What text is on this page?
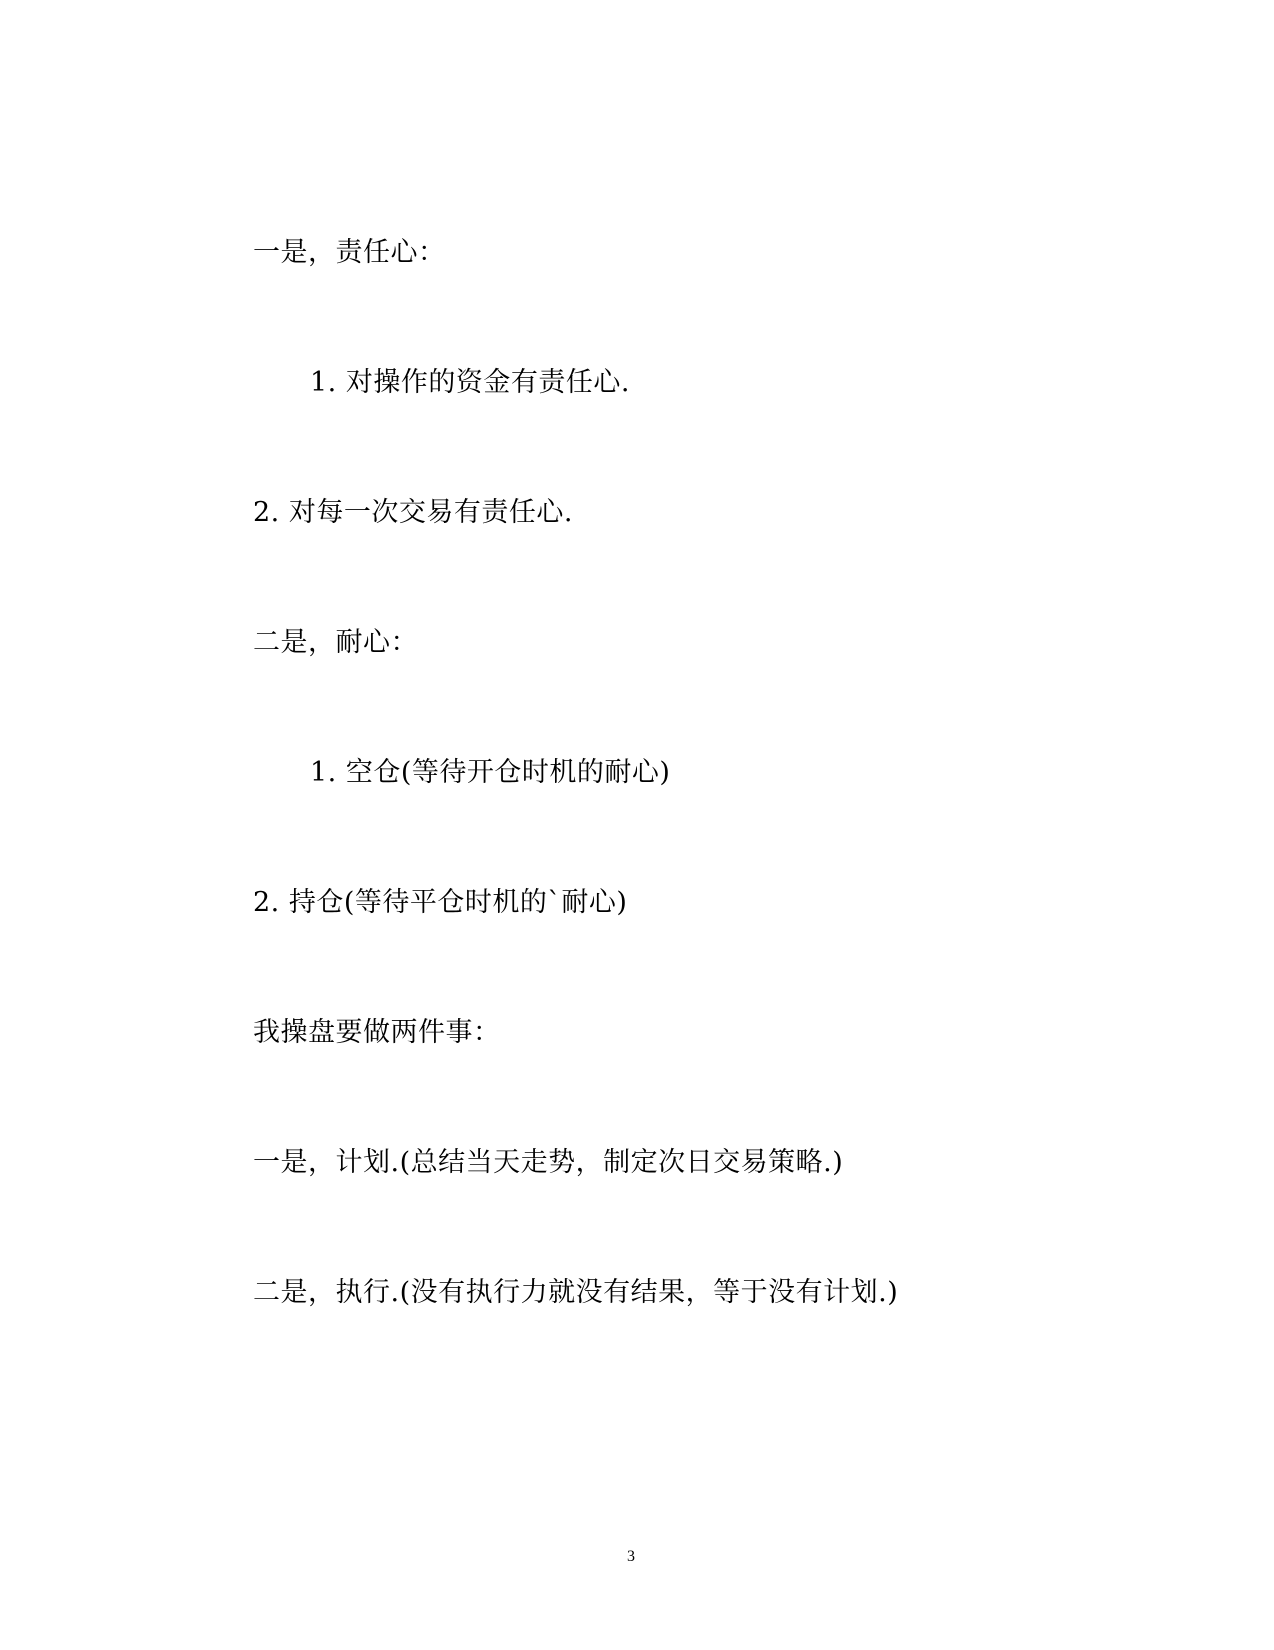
一是，责任心：
1. 对操作的资金有责任心.
2. 对每一次交易有责任心.
二是，耐心：
1. 空仓(等待开仓时机的耐心)
2. 持仓(等待平仓时机的`耐心)
我操盘要做两件事：
一是，计划.(总结当天走势，制定次日交易策略.)
二是，执行.(没有执行力就没有结果，等于没有计划.)
3
